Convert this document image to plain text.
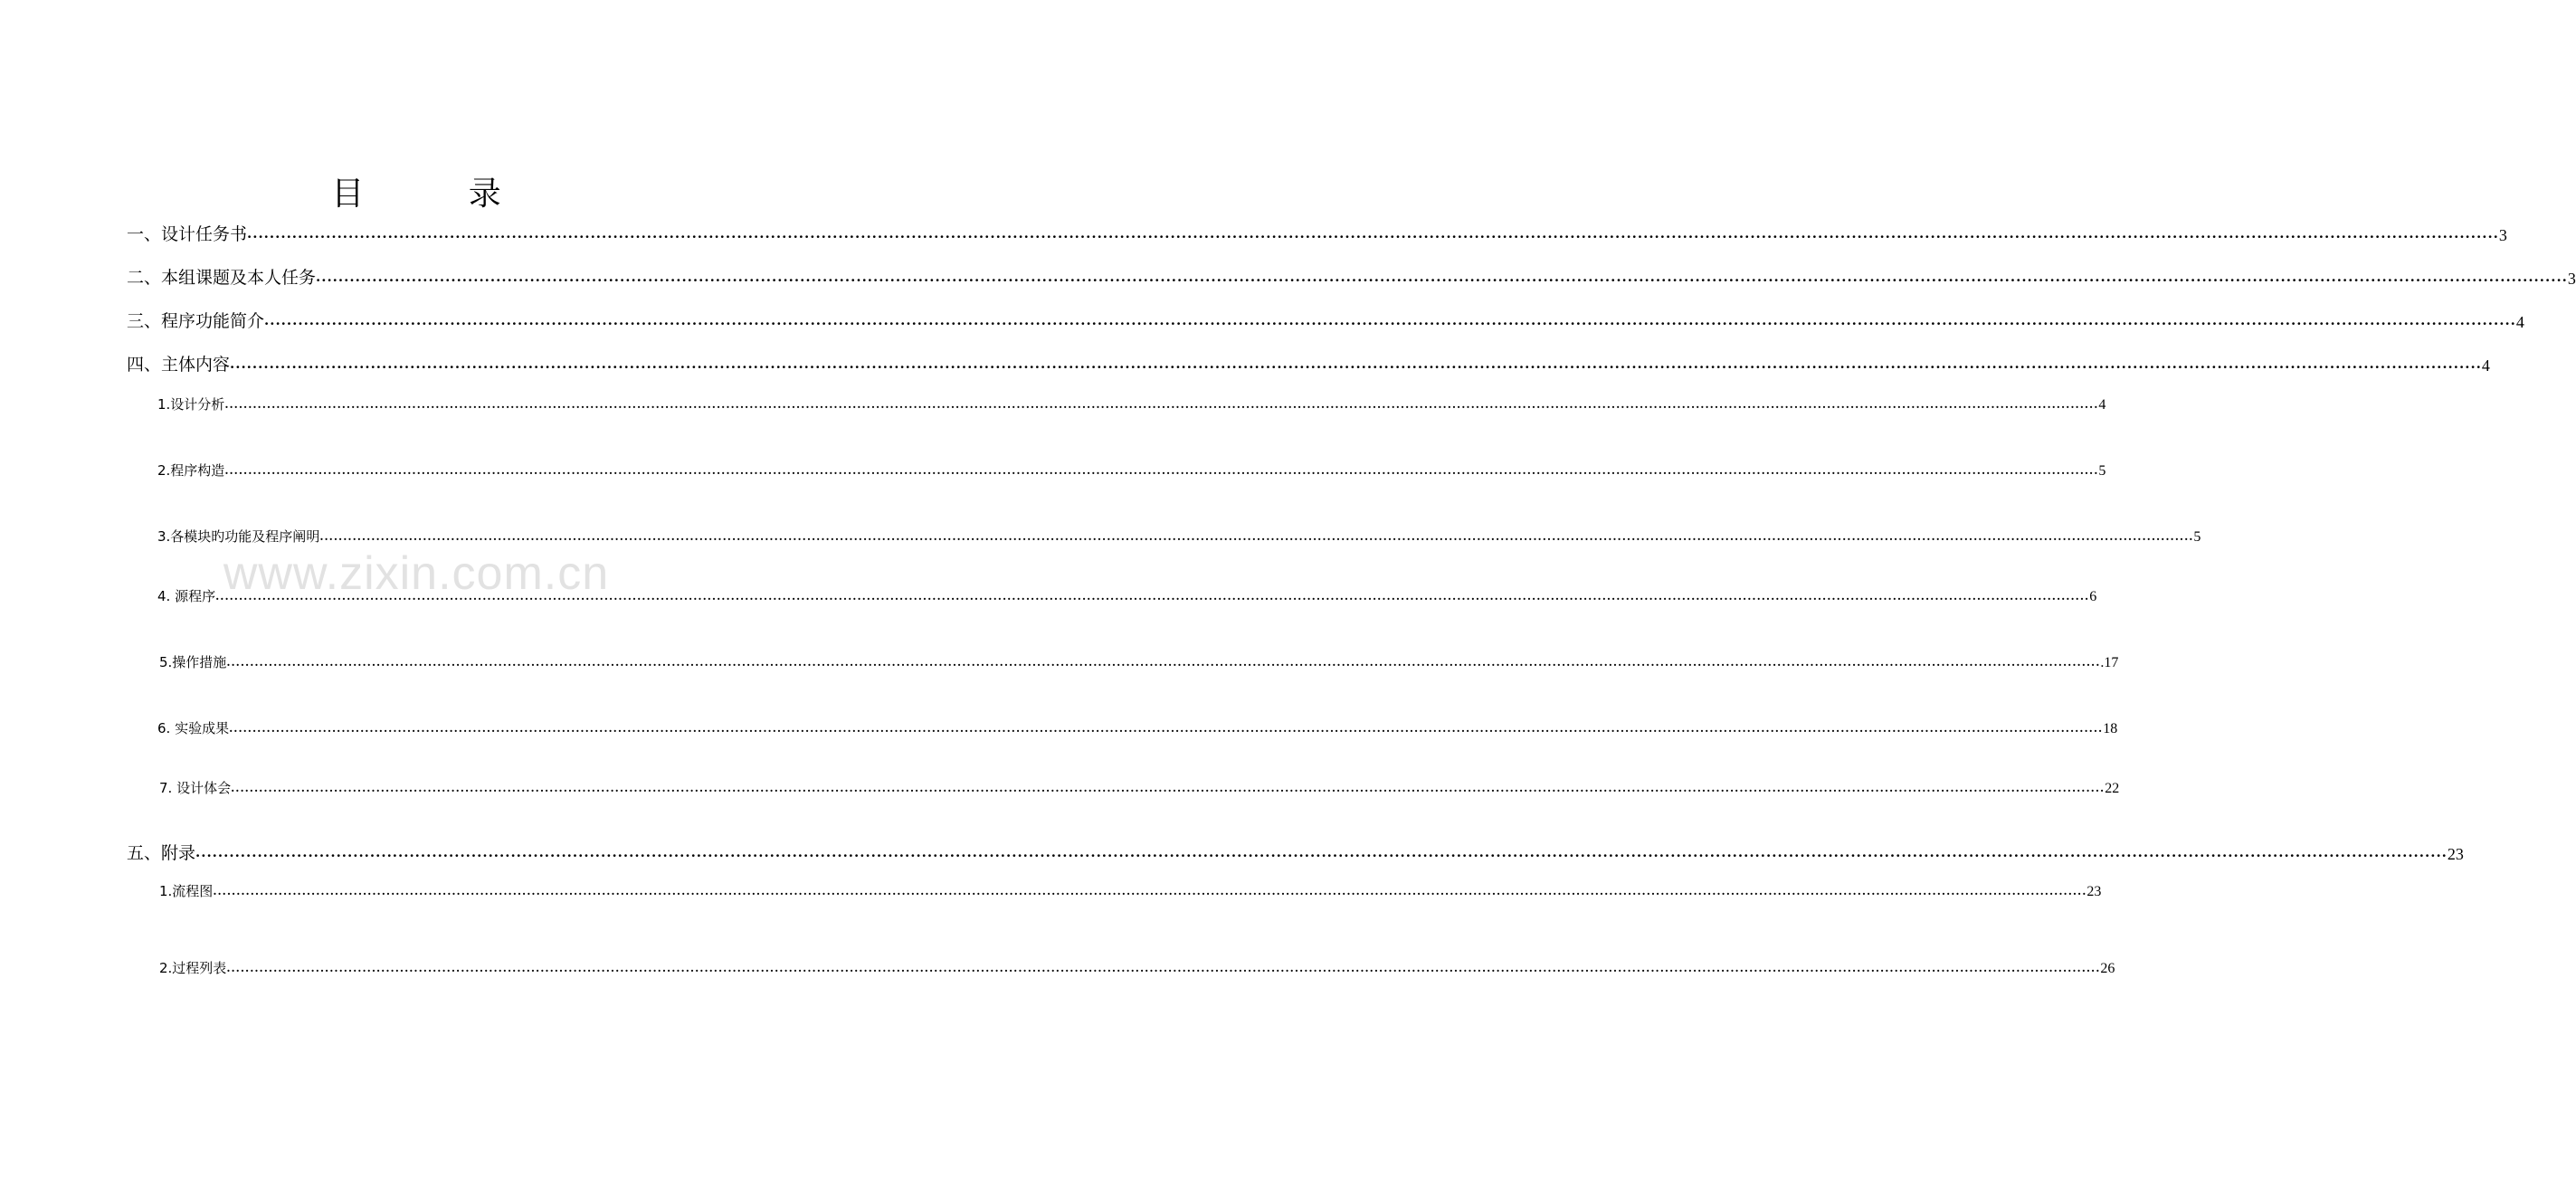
目 录
www.zixin.com.cn
一、设计任务书 ················································································································································································································································································································································································································ 3
二、本组课题及本人任务 ················································································································································································································································································································································································································ 3
三、程序功能简介 ················································································································································································································································································································································································································ 4
四、主体内容 ················································································································································································································································································································································································································ 4
1.设计分析 ················································································································································································································································································································································································································ 4
2.程序构造 ················································································································································································································································································································································································································ 5
3.各模块旳功能及程序阐明 ················································································································································································································································································································································································································ 5
4. 源程序 ················································································································································································································································································································································································································ 6
5.操作措施 ················································································································································································································································································································································································································ .17
6. 实验成果 ················································································································································································································································································································································································································ 18
7. 设计体会 ················································································································································································································································································································································································································ 22
五、附录 ················································································································································································································································································································································································································ 23
1.流程图 ················································································································································································································································································································································································································ 23
2.过程列表 ················································································································································································································································································································································································································ 26
